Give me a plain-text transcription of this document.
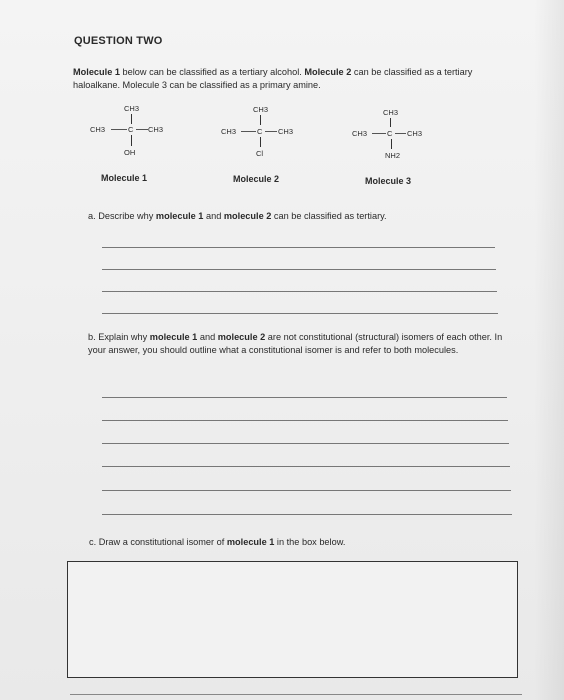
QUESTION TWO
Molecule 1 below can be classified as a tertiary alcohol. Molecule 2 can be classified as a tertiary haloalkane. Molecule 3 can be classified as a primary amine.
CH3
CH3	C CH3
OH
Molecule 1
CH3
CH3	C CH3
Cl
Molecule 2
CH3
CH3	C CH3
NH2
Molecule 3
a. Describe why molecule 1 and molecule 2 can be classified as tertiary.
b. Explain why molecule 1 and molecule 2 are not constitutional (structural) isomers of each other. In your answer, you should outline what a constitutional isomer is and refer to both molecules.
c. Draw a constitutional isomer of molecule 1 in the box below.
